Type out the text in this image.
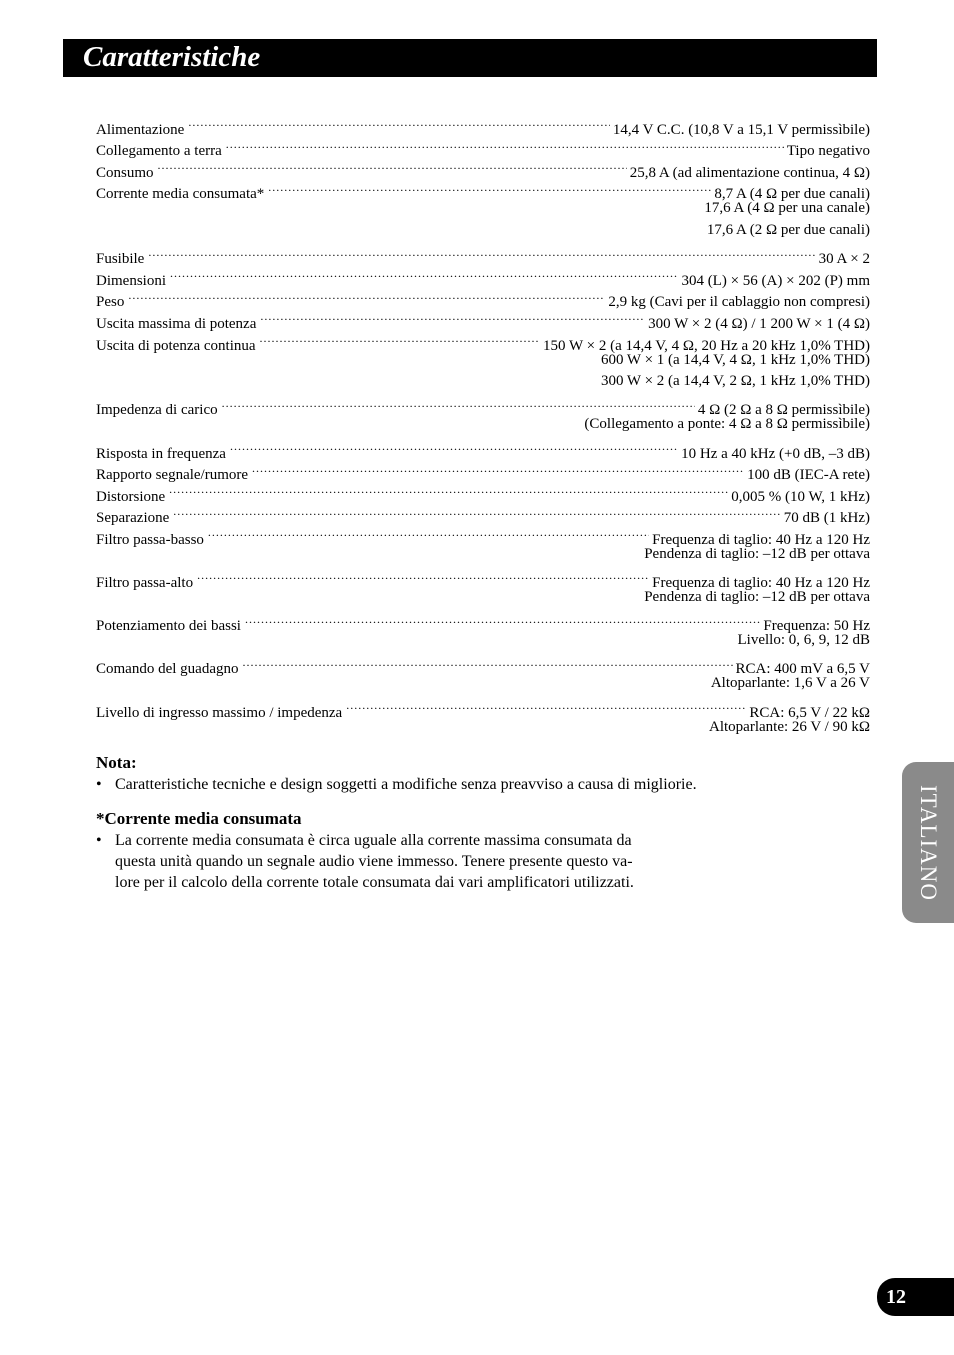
Caratteristiche
Alimentazione .....	14,4 V C.C. (10,8 V a 15,1 V permissìbile)
Collegamento a terra .....	Tipo negativo
Consumo .....	25,8 A (ad alimentazione continua, 4 Ω)
Corrente media consumata* .....	8,7 A (4 Ω per due canali)
17,6 A (4 Ω per una canale)
17,6 A (2 Ω per due canali)
Fusibile .....	30 A × 2
Dimensioni .....	304 (L) × 56 (A) × 202 (P) mm
Peso .....	2,9 kg (Cavi per il cablaggio non compresi)
Uscita massima di potenza .....	300 W × 2 (4 Ω) / 1 200 W × 1 (4 Ω)
Uscita di potenza continua .....	150 W × 2 (a 14,4 V, 4 Ω, 20 Hz a 20 kHz 1,0% THD)
600 W × 1 (a 14,4 V, 4 Ω, 1 kHz 1,0% THD)
300 W × 2 (a 14,4 V, 2 Ω, 1 kHz 1,0% THD)
Impedenza di carico .....	4 Ω (2 Ω a 8 Ω permissìbile)
(Collegamento a ponte: 4 Ω a 8 Ω permissìbile)
Risposta in frequenza .....	10 Hz a 40 kHz (+0 dB, –3 dB)
Rapporto segnale/rumore .....	100 dB (IEC-A rete)
Distorsione .....	0,005 % (10 W, 1 kHz)
Separazione .....	70 dB (1 kHz)
Filtro passa-basso .....	Frequenza di taglio: 40 Hz a 120 Hz
Pendenza di taglio: –12 dB per ottava
Filtro passa-alto .....	Frequenza di taglio: 40 Hz a 120 Hz
Pendenza di taglio: –12 dB per ottava
Potenziamento dei bassi .....	Frequenza: 50 Hz
Livello: 0, 6, 9, 12 dB
Comando del guadagno .....	RCA: 400 mV a 6,5 V
Altoparlante: 1,6 V a 26 V
Livello di ingresso massimo / impedenza .....	RCA: 6,5 V / 22 kΩ
Altoparlante: 26 V / 90 kΩ
Nota:
• Caratteristiche tecniche e design soggetti a modifiche senza preavviso a causa di migliorie.
*Corrente media consumata
• La corrente media consumata è circa uguale alla corrente massima consumata da
questa unità quando un segnale audio viene immesso. Tenere presente questo va-
lore per il calcolo della corrente totale consumata dai vari amplificatori utilizzati.	ITALIANO
12
